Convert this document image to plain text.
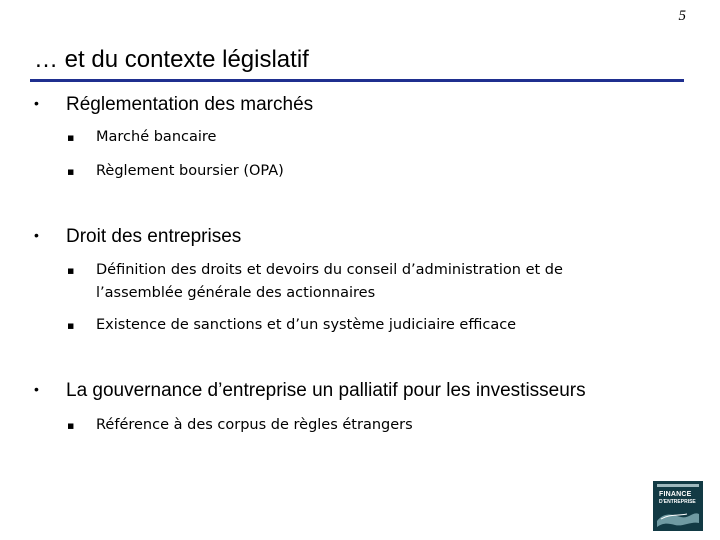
5
… et du contexte législatif
• Réglementation des marchés
▪ Marché bancaire
▪ Règlement boursier (OPA)
• Droit des entreprises
▪ Définition des droits et devoirs du conseil d’administration et de l’assemblée générale des actionnaires
▪ Existence de sanctions et d’un système judiciaire efficace
• La gouvernance d’entreprise un palliatif pour les investisseurs
▪ Référence à des corpus de règles étrangers
FINANCE
D'ENTREPRISE
